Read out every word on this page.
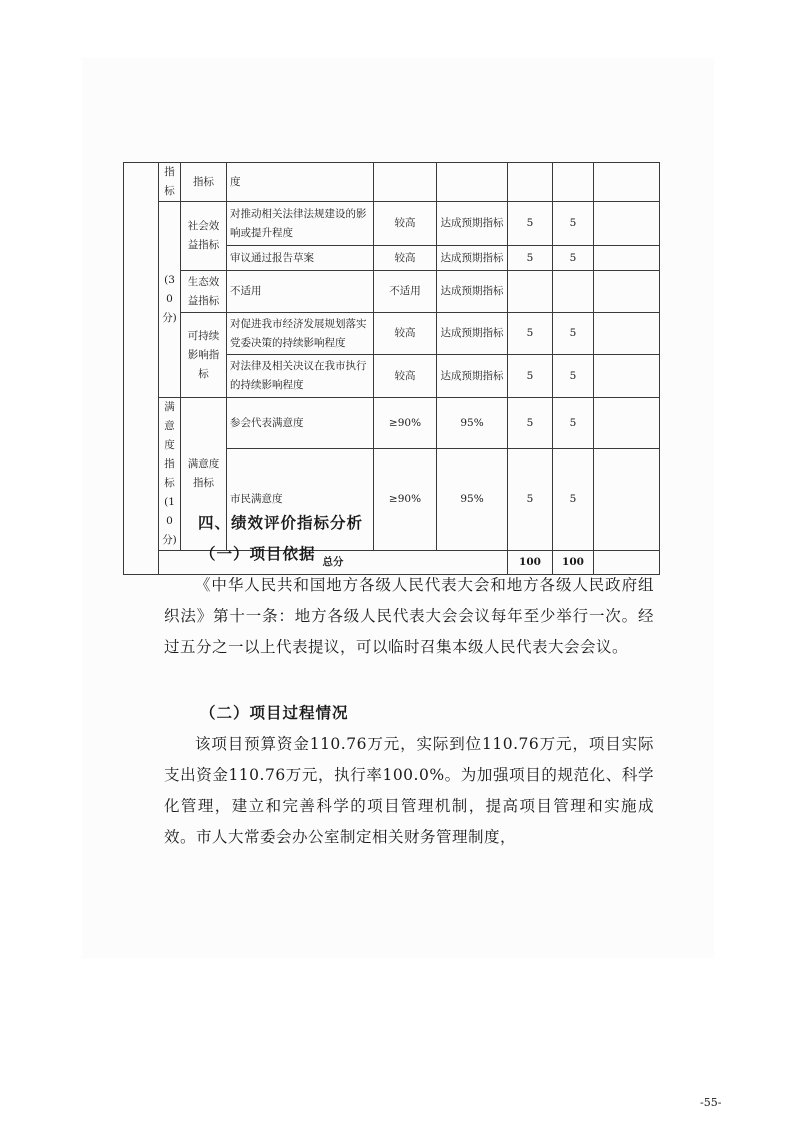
	指标	指标	度					
	(30分)	社会效益指标	对推动相关法律法规建设的影响或提升程度	较高	达成预期指标	5	5	
			审议通过报告草案	较高	达成预期指标	5	5	
		生态效益指标	不适用	不适用	达成预期指标			
		可持续影响指标	对促进我市经济发展规划落实党委决策的持续影响程度	较高	达成预期指标	5	5	
			对法律及相关决议在我市执行的持续影响程度	较高	达成预期指标	5	5	
	满意度指标(10分)	满意度指标	参会代表满意度	≥90%	95%	5	5	
			市民满意度	≥90%	95%	5	5	
	总分					100	100	
四、绩效评价指标分析
（一）项目依据
《中华人民共和国地方各级人民代表大会和地方各级人民政府组织法》第十一条：地方各级人民代表大会会议每年至少举行一次。经过五分之一以上代表提议，可以临时召集本级人民代表大会会议。
（二）项目过程情况
该项目预算资金110.76万元，实际到位110.76万元，项目实际支出资金110.76万元，执行率100.0%。为加强项目的规范化、科学化管理，建立和完善科学的项目管理机制，提高项目管理和实施成效。市人大常委会办公室制定相关财务管理制度，
-55-
